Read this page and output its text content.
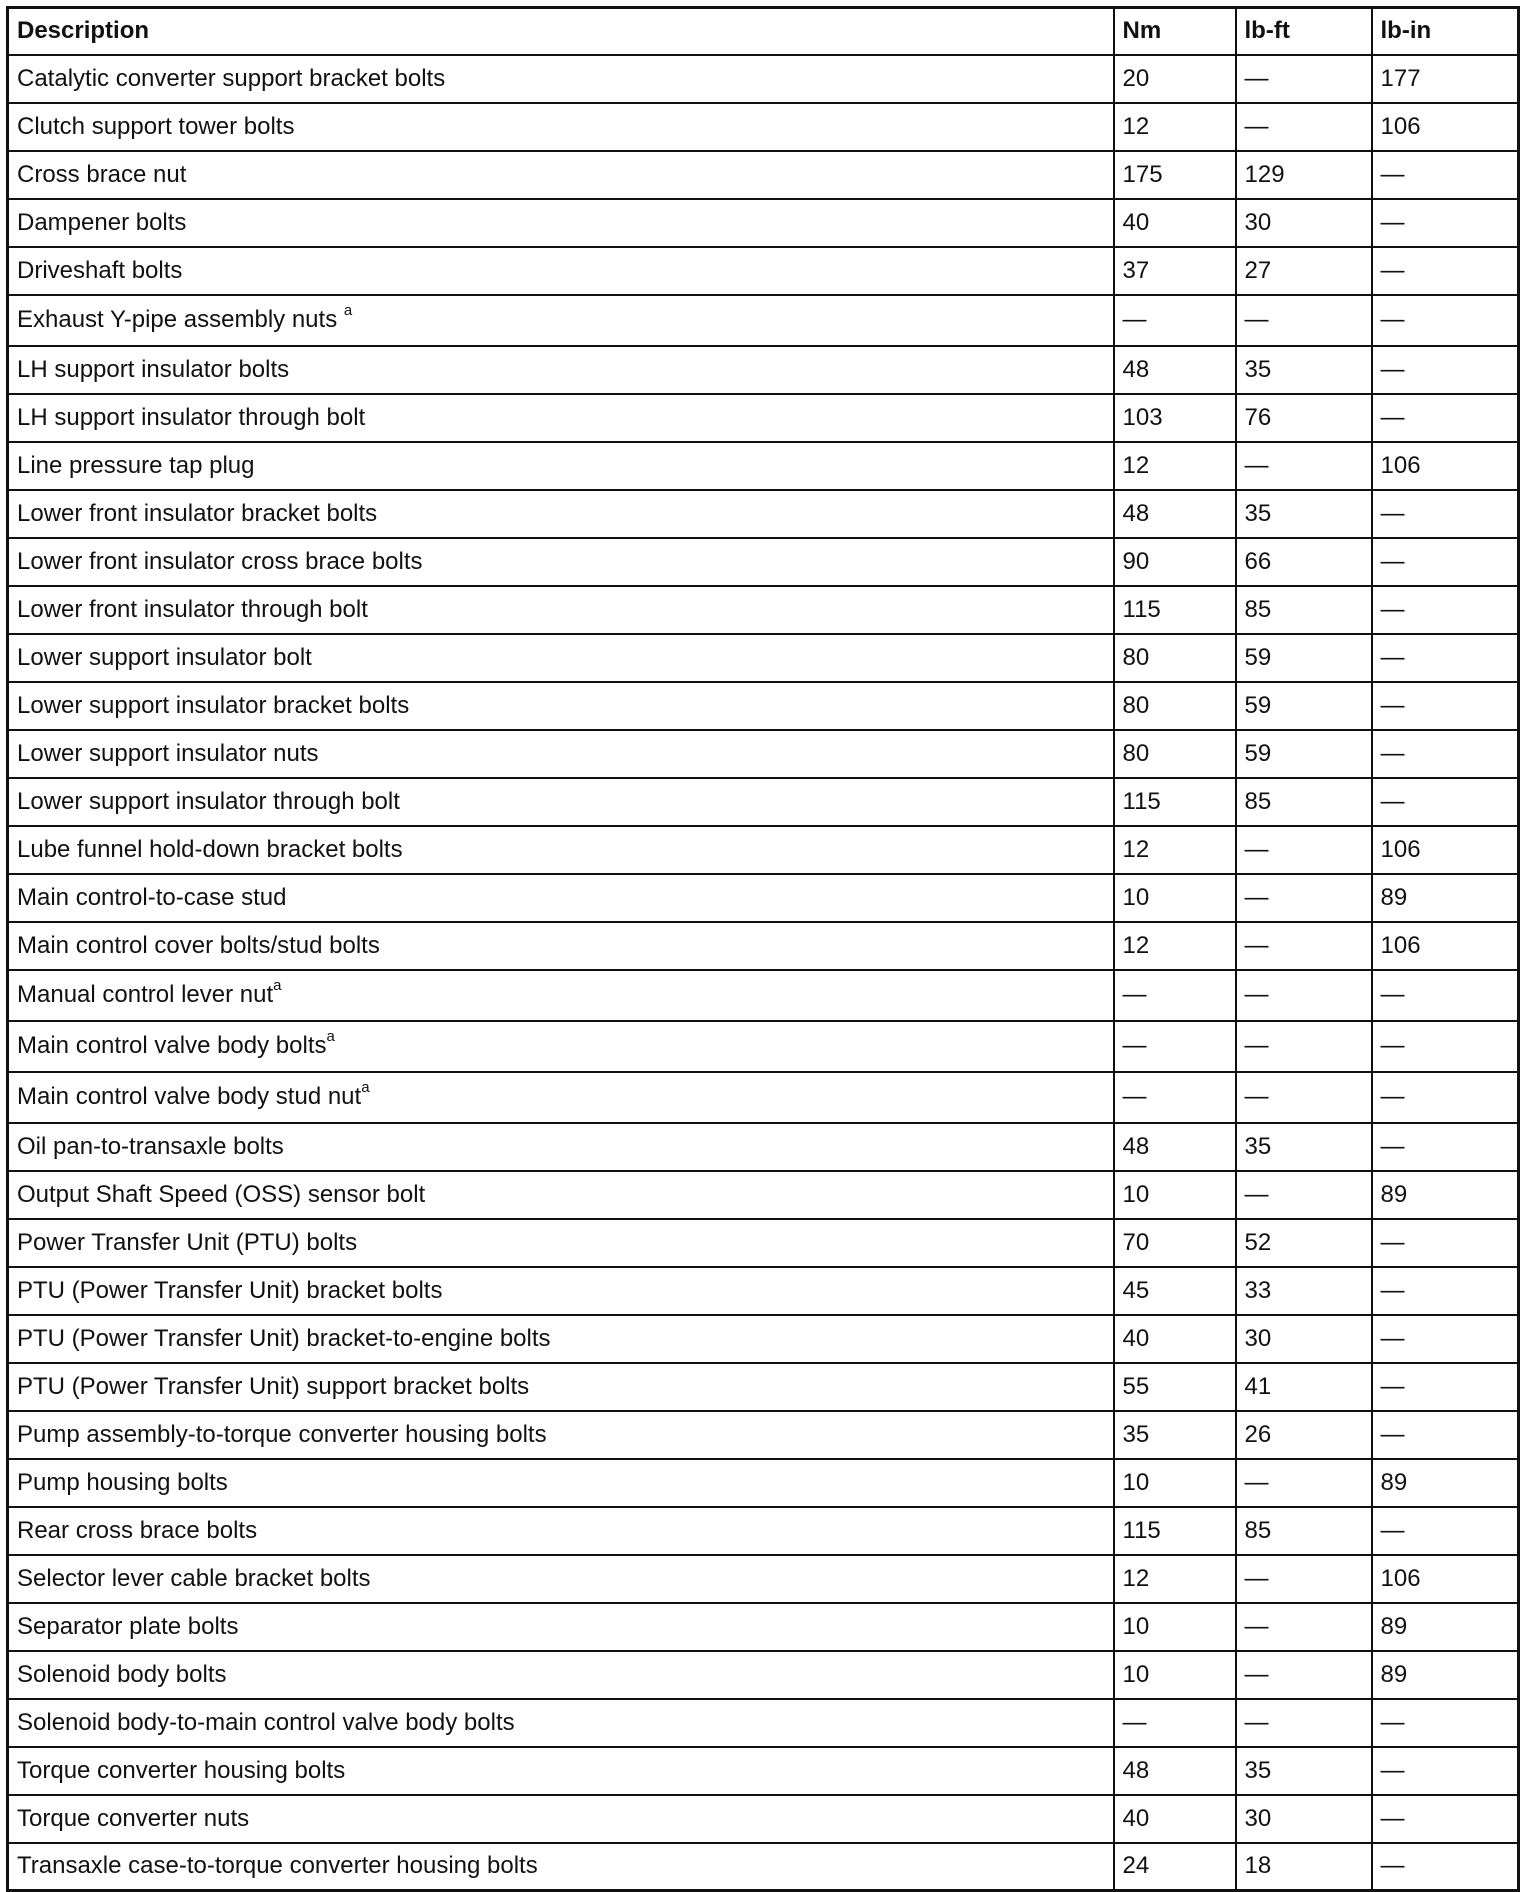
Description	Nm	lb-ft	lb-in
Catalytic converter support bracket bolts	20	—	177
Clutch support tower bolts	12	—	106
Cross brace nut	175	129	—
Dampener bolts	40	30	—
Driveshaft bolts	37	27	—
Exhaust Y-pipe assembly nuts $^a$	—	—	—
LH support insulator bolts	48	35	—
LH support insulator through bolt	103	76	—
Line pressure tap plug	12	—	106
Lower front insulator bracket bolts	48	35	—
Lower front insulator cross brace bolts	90	66	—
Lower front insulator through bolt	115	85	—
Lower support insulator bolt	80	59	—
Lower support insulator bracket bolts	80	59	—
Lower support insulator nuts	80	59	—
Lower support insulator through bolt	115	85	—
Lube funnel hold-down bracket bolts	12	—	106
Main control-to-case stud	10	—	89
Main control cover bolts/stud bolts	12	—	106
Manual control lever nut$^a$	—	—	—
Main control valve body bolts$^a$	—	—	—
Main control valve body stud nut$^a$	—	—	—
Oil pan-to-transaxle bolts	48	35	—
Output Shaft Speed (OSS) sensor bolt	10	—	89
Power Transfer Unit (PTU) bolts	70	52	—
PTU (Power Transfer Unit) bracket bolts	45	33	—
PTU (Power Transfer Unit) bracket-to-engine bolts	40	30	—
PTU (Power Transfer Unit) support bracket bolts	55	41	—
Pump assembly-to-torque converter housing bolts	35	26	—
Pump housing bolts	10	—	89
Rear cross brace bolts	115	85	—
Selector lever cable bracket bolts	12	—	106
Separator plate bolts	10	—	89
Solenoid body bolts	10	—	89
Solenoid body-to-main control valve body bolts	—	—	—
Torque converter housing bolts	48	35	—
Torque converter nuts	40	30	—
Transaxle case-to-torque converter housing bolts	24	18	—
